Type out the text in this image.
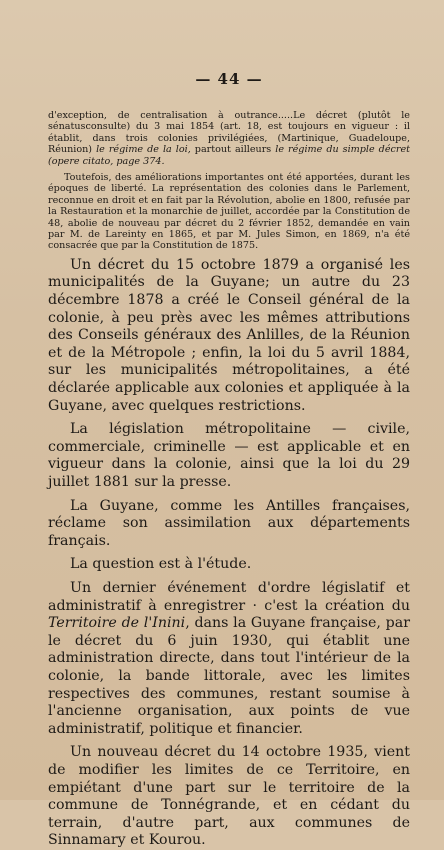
— 44 —

d'exception, de centralisation à outrance.....Le décret (plutôt le sénatusconsulte) du 3 mai 1854 (art. 18, est toujours en vigueur : il établit, dans trois colonies privilégiées, (Martinique, Guadeloupe, Réunion) le régime de la loi, partout ailleurs le régime du simple décret (opere citato, page 374.

Toutefois, des améliorations importantes ont été apportées, durant les époques de liberté. La représentation des colonies dans le Parlement, reconnue en droit et en fait par la Révolution, abolie en 1800, refusée par la Restauration et la monarchie de juillet, accordée par la Constitution de 48, abolie de nouveau par décret du 2 février 1852, demandée en vain par M. de Lareinty en 1865, et par M. Jules Simon, en 1869, n'a été consacrée que par la Constitution de 1875.

Un décret du 15 octobre 1879 a organisé les municipalités de la Guyane; un autre du 23 décembre 1878 a créé le Conseil général de la colonie, à peu près avec les mêmes attributions des Conseils généraux des Anlilles, de la Réunion et de la Métropole ; enfin, la loi du 5 avril 1884, sur les municipalités métropolitaines, a été déclarée applicable aux colonies et appliquée à la Guyane, avec quelques restrictions.

La législation métropolitaine — civile, commerciale, criminelle — est applicable et en vigueur dans la colonie, ainsi que la loi du 29 juillet 1881 sur la presse.

La Guyane, comme les Antilles françaises, réclame son assimilation aux départements français.

La question est à l'étude.

Un dernier événement d'ordre législatif et administratif à enregistrer · c'est la création du Territoire de l'Inini, dans la Guyane française, par le décret du 6 juin 1930, qui établit une administration directe, dans tout l'intérieur de la colonie, la bande littorale, avec les limites respectives des communes, restant soumise à l'ancienne organisation, aux points de vue administratif, politique et financier.

Un nouveau décret du 14 octobre 1935, vient de modifier les limites de ce Territoire, en empiétant d'une part sur le territoire de la commune de Tonnégrande, et en cédant du terrain, d'autre part, aux communes de Sinnamary et Kourou.
